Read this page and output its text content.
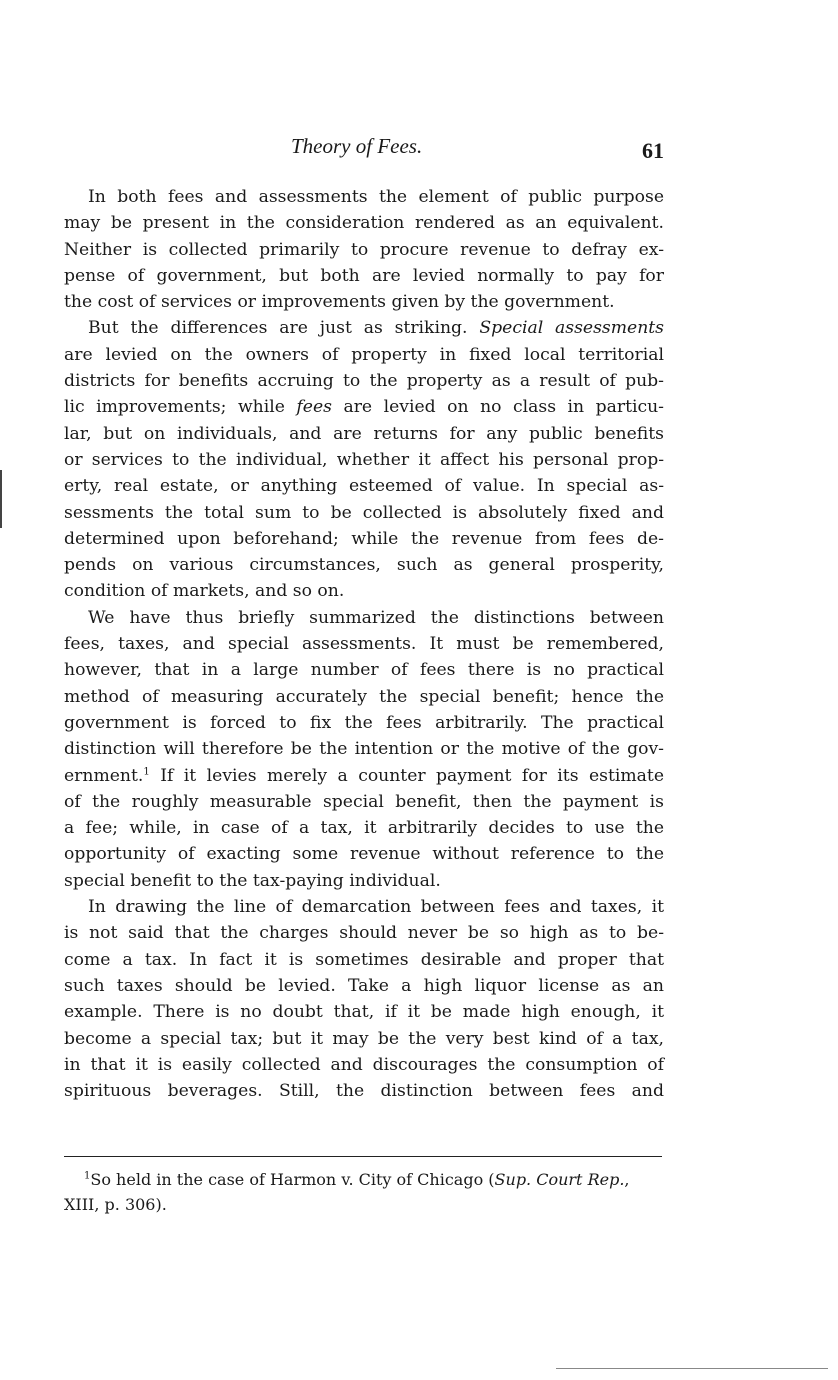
Theory of Fees.	61
In both fees and assessments the element of public purpose
may be present in the consideration rendered as an equivalent.
Neither is collected primarily to procure revenue to defray ex-
pense of government, but both are levied normally to pay for
the cost of services or improvements given by the government.
But the differences are just as striking. Special assessments
are levied on the owners of property in fixed local territorial
districts for benefits accruing to the property as a result of pub-
lic improvements; while fees are levied on no class in particu-
lar, but on individuals, and are returns for any public benefits
or services to the individual, whether it affect his personal prop-
erty, real estate, or anything esteemed of value. In special as-
sessments the total sum to be collected is absolutely fixed and
determined upon beforehand; while the revenue from fees de-
pends on various circumstances, such as general prosperity,
condition of markets, and so on.
We have thus briefly summarized the distinctions between
fees, taxes, and special assessments. It must be remembered,
however, that in a large number of fees there is no practical
method of measuring accurately the special benefit; hence the
government is forced to fix the fees arbitrarily. The practical
distinction will therefore be the intention or the motive of the gov-
ernment.$^1$ If it levies merely a counter payment for its estimate
of the roughly measurable special benefit, then the payment is
a fee; while, in case of a tax, it arbitrarily decides to use the
opportunity of exacting some revenue without reference to the
special benefit to the tax-paying individual.
In drawing the line of demarcation between fees and taxes, it
is not said that the charges should never be so high as to be-
come a tax. In fact it is sometimes desirable and proper that
such taxes should be levied. Take a high liquor license as an
example. There is no doubt that, if it be made high enough, it
become a special tax; but it may be the very best kind of a tax,
in that it is easily collected and discourages the consumption of
spirituous beverages. Still, the distinction between fees and
$^1$So held in the case of Harmon v. City of Chicago (Sup. Court Rep.,
XIII, p. 306).
